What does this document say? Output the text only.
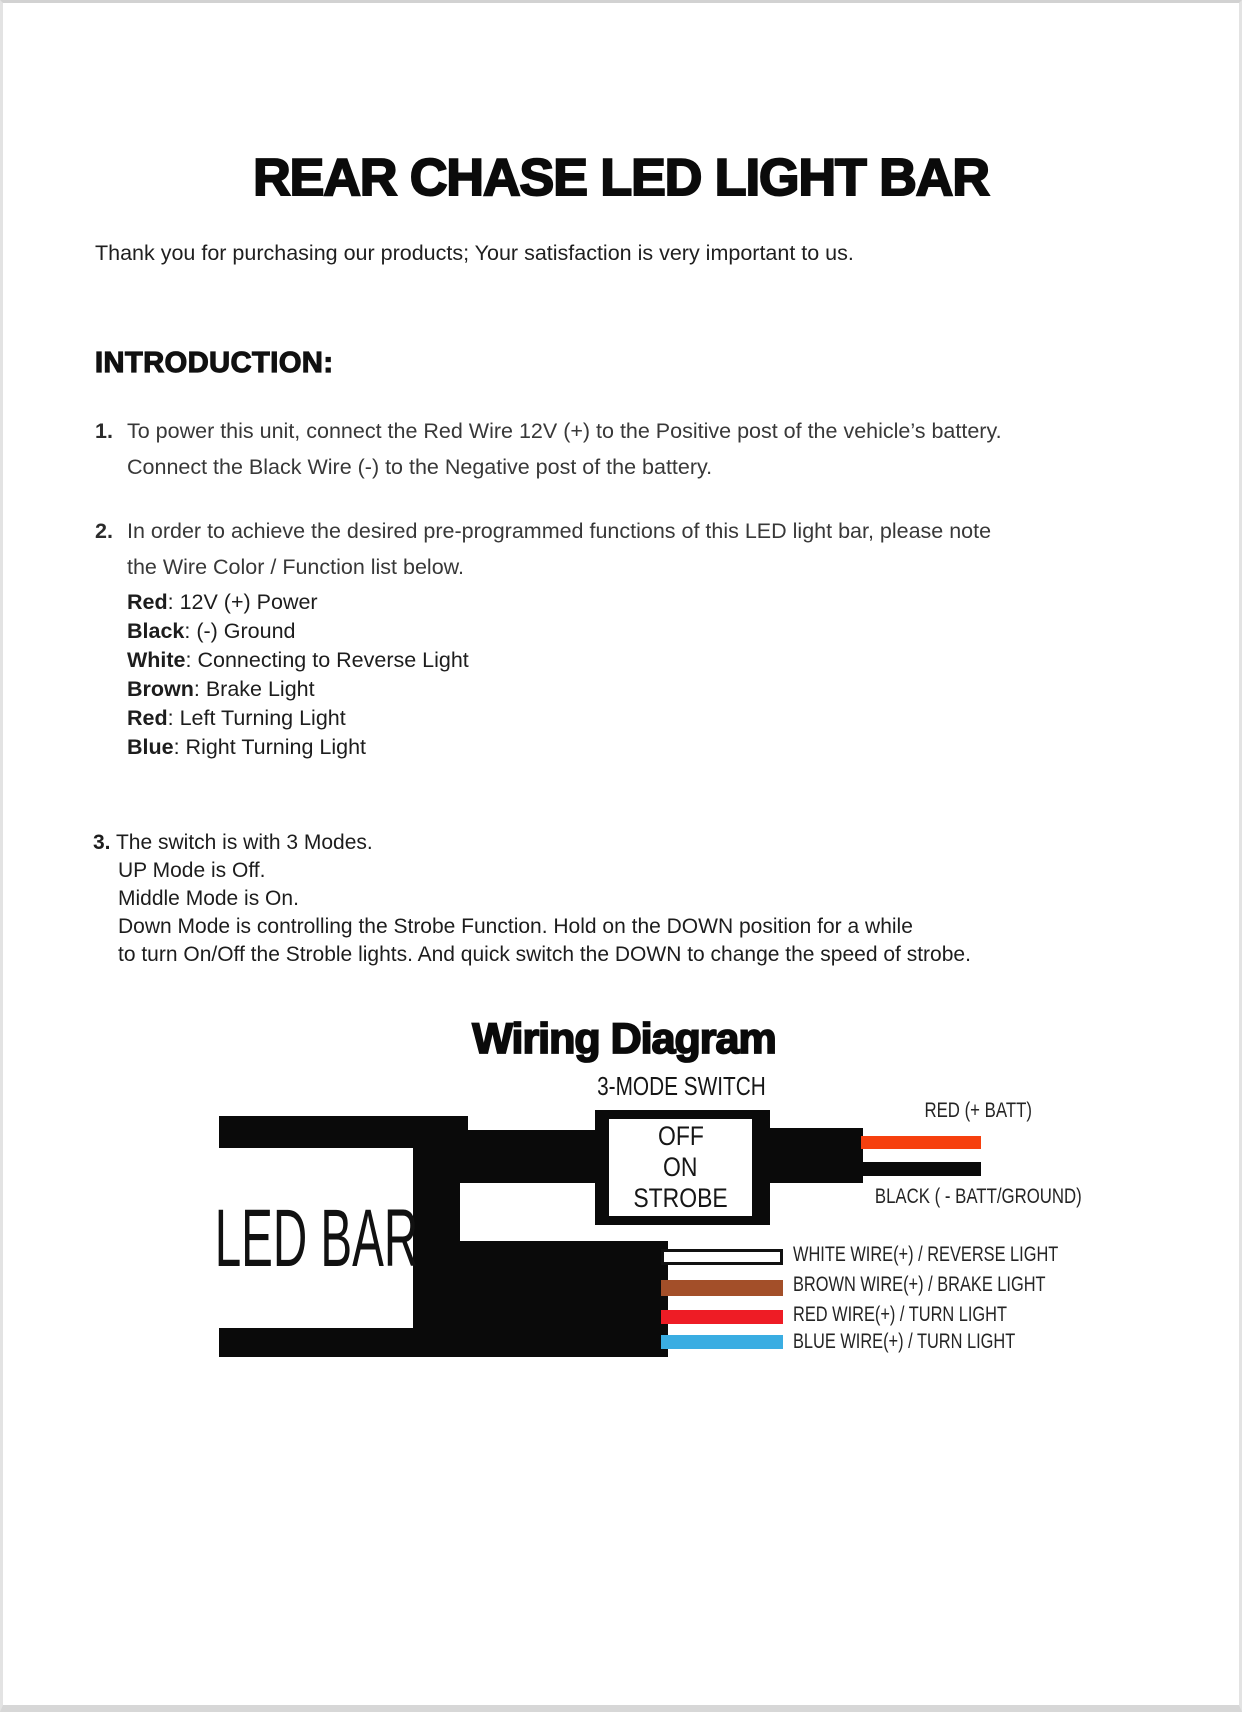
REAR CHASE LED LIGHT BAR
Thank you for purchasing our products; Your satisfaction is very important to us.
INTRODUCTION:
1. To power this unit, connect the Red Wire 12V (+) to the Positive post of the vehicle’s battery.
Connect the Black Wire (-) to the Negative post of the battery.
2. In order to achieve the desired pre-programmed functions of this LED light bar, please note
the Wire Color / Function list below.
Red: 12V (+) Power
Black: (-) Ground
White: Connecting to Reverse Light
Brown: Brake Light
Red: Left Turning Light
Blue: Right Turning Light
3. The switch is with 3 Modes.
UP Mode is Off.
Middle Mode is On.
Down Mode is controlling the Strobe Function. Hold on the DOWN position for a while
to turn On/Off the Stroble lights. And quick switch the DOWN to change the speed of strobe.
Wiring Diagram
3-MODE SWITCH
LED BAR
OFF
ON
STROBE
RED (+ BATT)
BLACK ( - BATT/GROUND)
WHITE WIRE(+) / REVERSE LIGHT
BROWN WIRE(+) / BRAKE LIGHT
RED WIRE(+) / TURN LIGHT
BLUE WIRE(+) / TURN LIGHT
